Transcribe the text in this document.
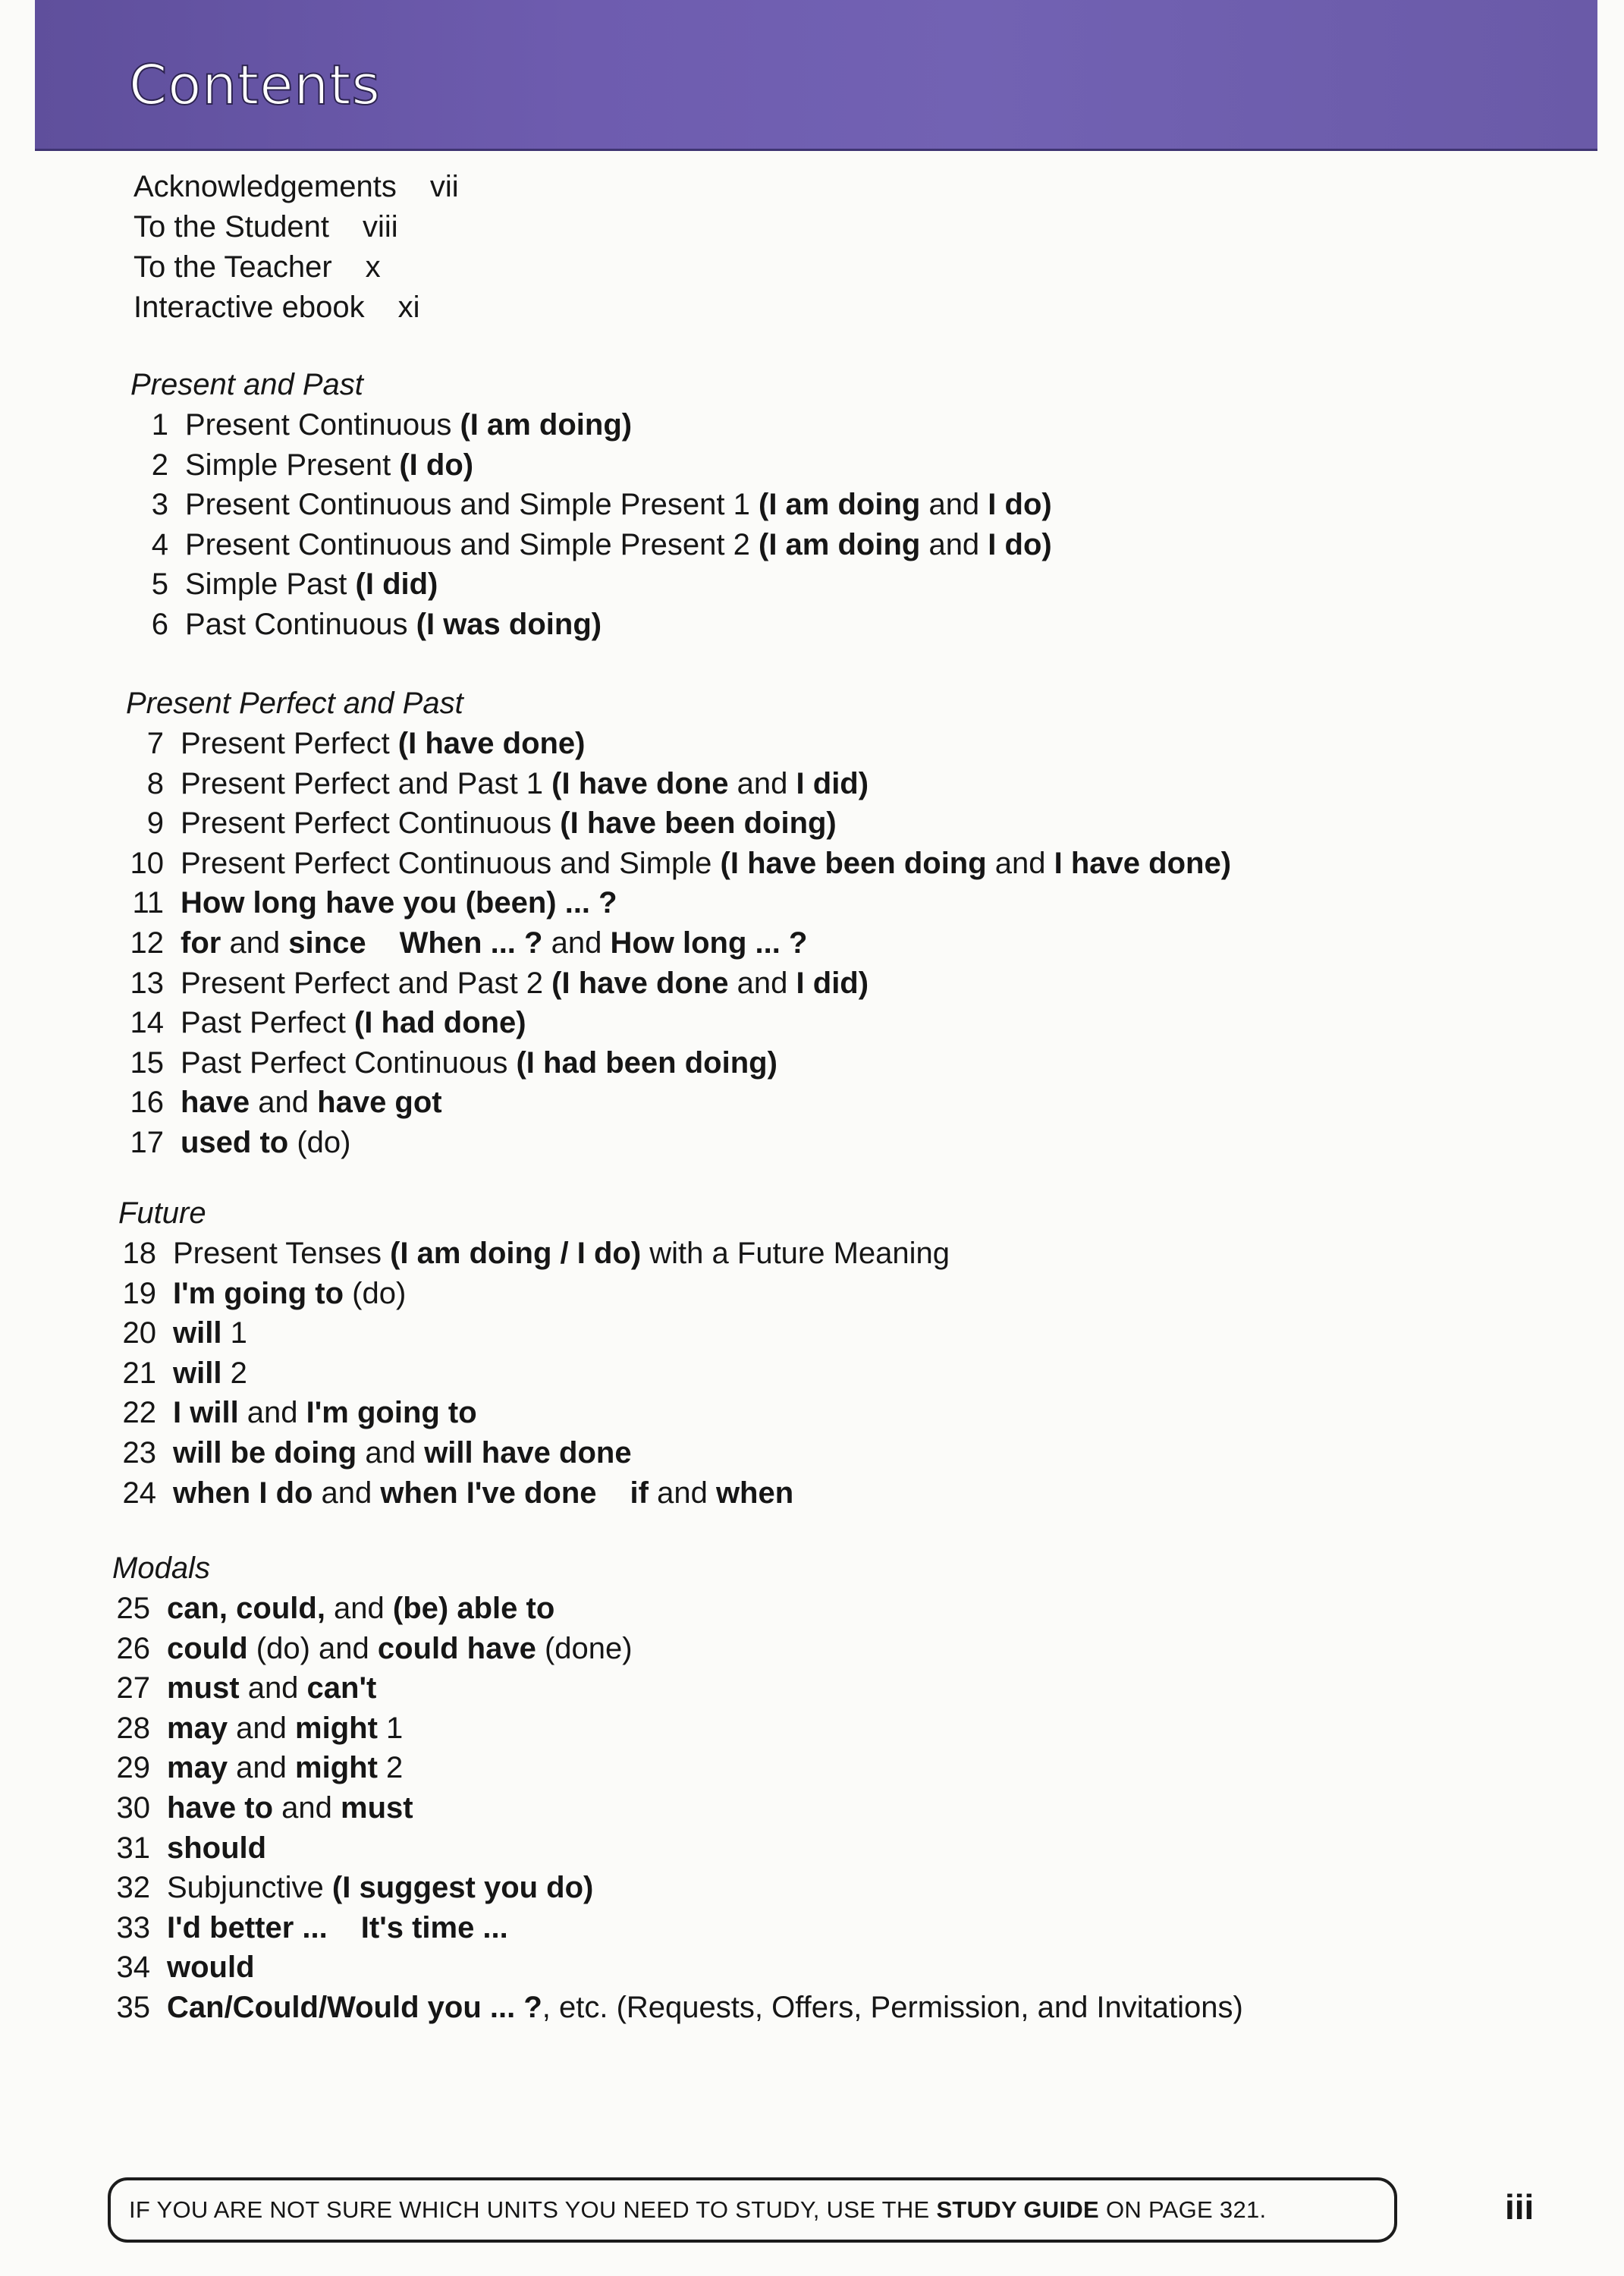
Contents
Acknowledgements vii
To the Student viii
To the Teacher x
Interactive ebook xi
Present and Past
1 Present Continuous (I am doing)
2 Simple Present (I do)
3 Present Continuous and Simple Present 1 (I am doing and I do)
4 Present Continuous and Simple Present 2 (I am doing and I do)
5 Simple Past (I did)
6 Past Continuous (I was doing)
Present Perfect and Past
7 Present Perfect (I have done)
8 Present Perfect and Past 1 (I have done and I did)
9 Present Perfect Continuous (I have been doing)
10 Present Perfect Continuous and Simple (I have been doing and I have done)
11 How long have you (been) ... ?
12 for and since When ... ? and How long ... ?
13 Present Perfect and Past 2 (I have done and I did)
14 Past Perfect (I had done)
15 Past Perfect Continuous (I had been doing)
16 have and have got
17 used to (do)
Future
18 Present Tenses (I am doing / I do) with a Future Meaning
19 I'm going to (do)
20 will 1
21 will 2
22 I will and I'm going to
23 will be doing and will have done
24 when I do and when I've done if and when
Modals
25 can, could, and (be) able to
26 could (do) and could have (done)
27 must and can't
28 may and might 1
29 may and might 2
30 have to and must
31 should
32 Subjunctive (I suggest you do)
33 I'd better ... It's time ...
34 would
35 Can/Could/Would you ... ?, etc. (Requests, Offers, Permission, and Invitations)
IF YOU ARE NOT SURE WHICH UNITS YOU NEED TO STUDY, USE THE STUDY GUIDE ON PAGE 321.	iii
